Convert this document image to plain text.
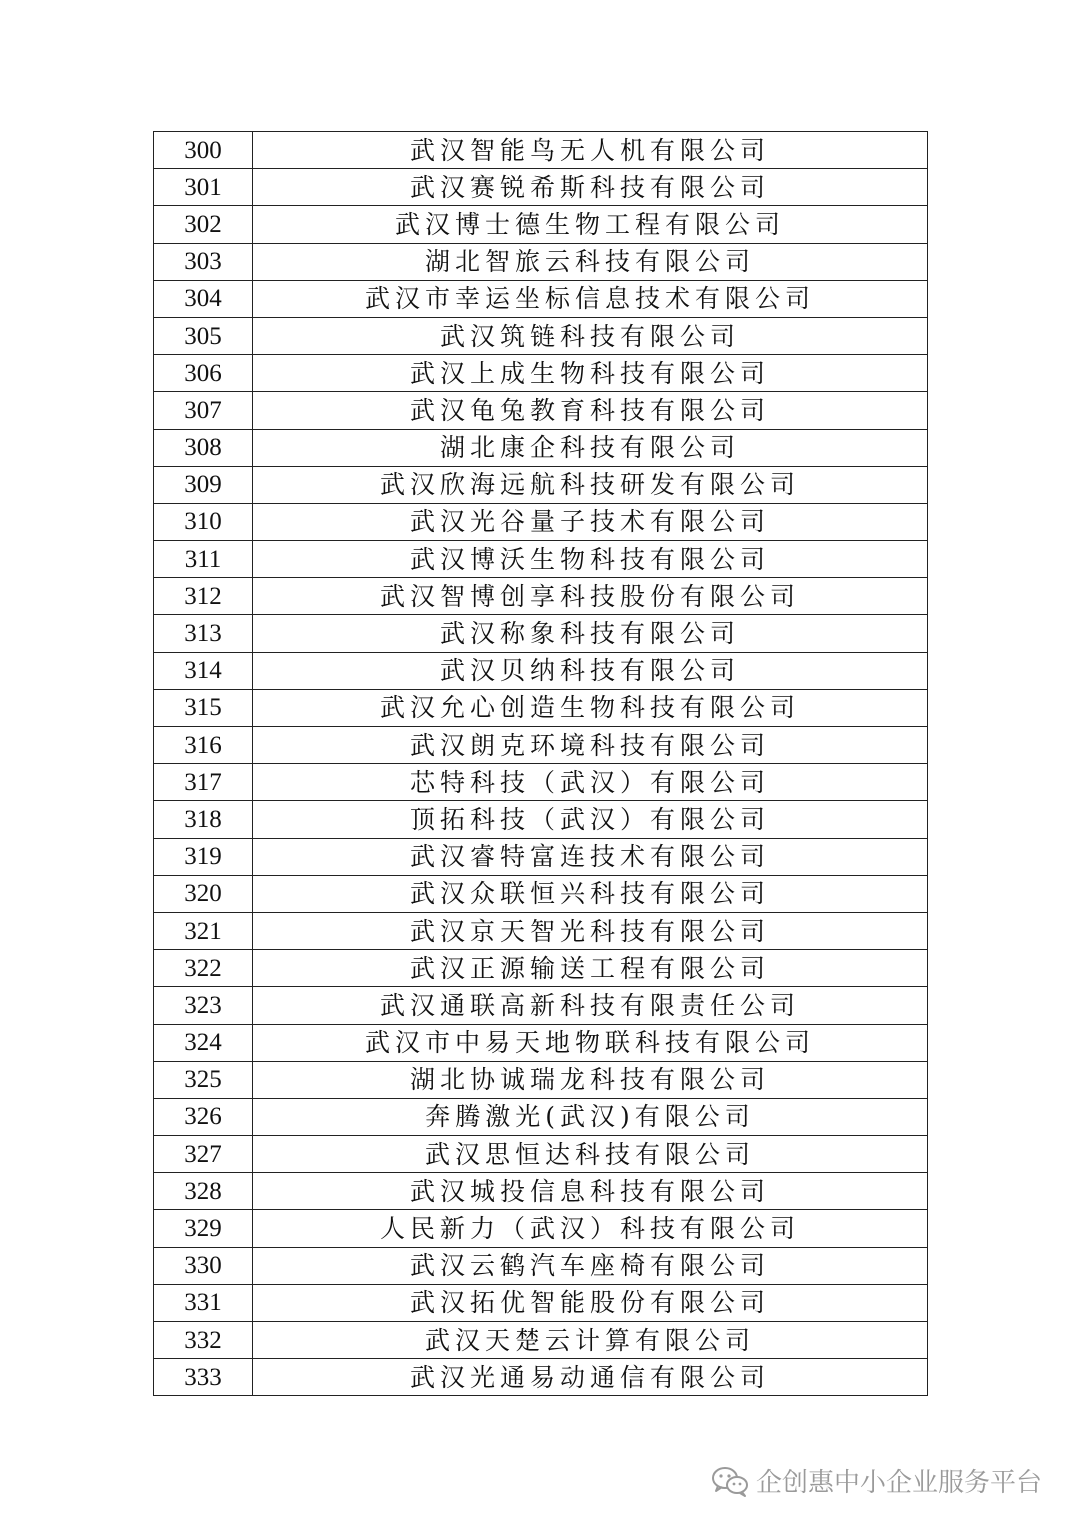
300	武汉智能鸟无人机有限公司
301	武汉赛锐希斯科技有限公司
302	武汉博士德生物工程有限公司
303	湖北智旅云科技有限公司
304	武汉市幸运坐标信息技术有限公司
305	武汉筑链科技有限公司
306	武汉上成生物科技有限公司
307	武汉龟兔教育科技有限公司
308	湖北康企科技有限公司
309	武汉欣海远航科技研发有限公司
310	武汉光谷量子技术有限公司
311	武汉博沃生物科技有限公司
312	武汉智博创享科技股份有限公司
313	武汉称象科技有限公司
314	武汉贝纳科技有限公司
315	武汉允心创造生物科技有限公司
316	武汉朗克环境科技有限公司
317	芯特科技（武汉）有限公司
318	顶拓科技（武汉）有限公司
319	武汉睿特富连技术有限公司
320	武汉众联恒兴科技有限公司
321	武汉京天智光科技有限公司
322	武汉正源输送工程有限公司
323	武汉通联高新科技有限责任公司
324	武汉市中易天地物联科技有限公司
325	湖北协诚瑞龙科技有限公司
326	奔腾激光(武汉)有限公司
327	武汉思恒达科技有限公司
328	武汉城投信息科技有限公司
329	人民新力（武汉）科技有限公司
330	武汉云鹤汽车座椅有限公司
331	武汉拓优智能股份有限公司
332	武汉天楚云计算有限公司
333	武汉光通易动通信有限公司
企创惠中小企业服务平台
